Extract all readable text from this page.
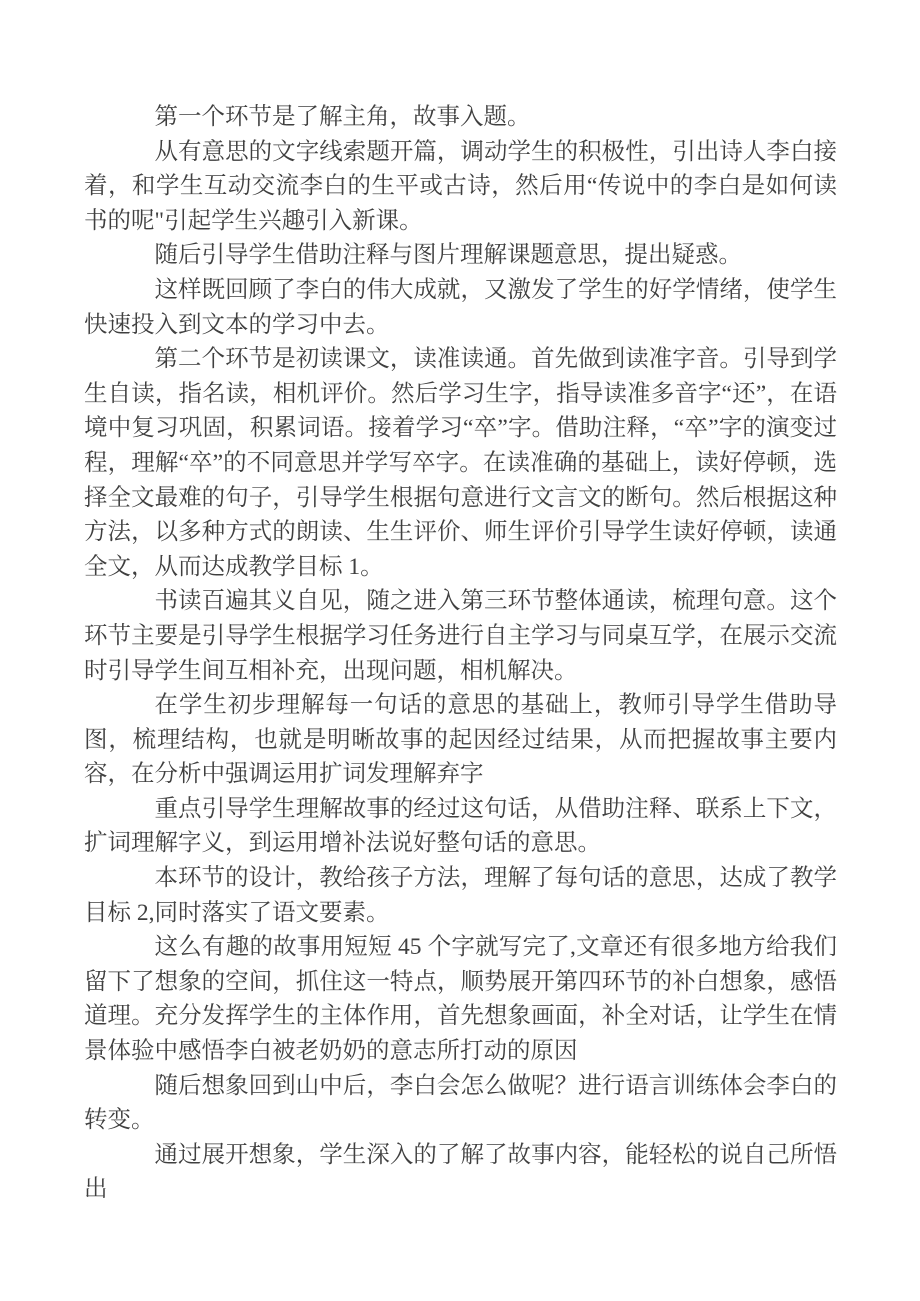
第一个环节是了解主角，故事入题。

从有意思的文字线索题开篇，调动学生的积极性，引出诗人李白接着，和学生互动交流李白的生平或古诗，然后用“传说中的李白是如何读书的呢"引起学生兴趣引入新课。

随后引导学生借助注释与图片理解课题意思，提出疑惑。

这样既回顾了李白的伟大成就，又激发了学生的好学情绪，使学生快速投入到文本的学习中去。

第二个环节是初读课文，读准读通。首先做到读准字音。引导到学生自读，指名读，相机评价。然后学习生字，指导读准多音字“还”，在语境中复习巩固，积累词语。接着学习“卒”字。借助注释，“卒”字的演变过程，理解“卒”的不同意思并学写卒字。在读准确的基础上，读好停顿，选择全文最难的句子，引导学生根据句意进行文言文的断句。然后根据这种方法，以多种方式的朗读、生生评价、师生评价引导学生读好停顿，读通全文，从而达成教学目标 1。

书读百遍其义自见，随之进入第三环节整体通读，梳理句意。这个环节主要是引导学生根据学习任务进行自主学习与同桌互学，在展示交流时引导学生间互相补充，出现问题，相机解决。

在学生初步理解每一句话的意思的基础上，教师引导学生借助导图，梳理结构，也就是明晰故事的起因经过结果，从而把握故事主要内容，在分析中强调运用扩词发理解弃字

重点引导学生理解故事的经过这句话，从借助注释、联系上下文，扩词理解字义，到运用增补法说好整句话的意思。

本环节的设计，教给孩子方法，理解了每句话的意思，达成了教学目标 2,同时落实了语文要素。

这么有趣的故事用短短 45 个字就写完了,文章还有很多地方给我们留下了想象的空间，抓住这一特点，顺势展开第四环节的补白想象，感悟道理。充分发挥学生的主体作用，首先想象画面，补全对话，让学生在情景体验中感悟李白被老奶奶的意志所打动的原因

随后想象回到山中后，李白会怎么做呢？进行语言训练体会李白的转变。

通过展开想象，学生深入的了解了故事内容，能轻松的说自己所悟出
